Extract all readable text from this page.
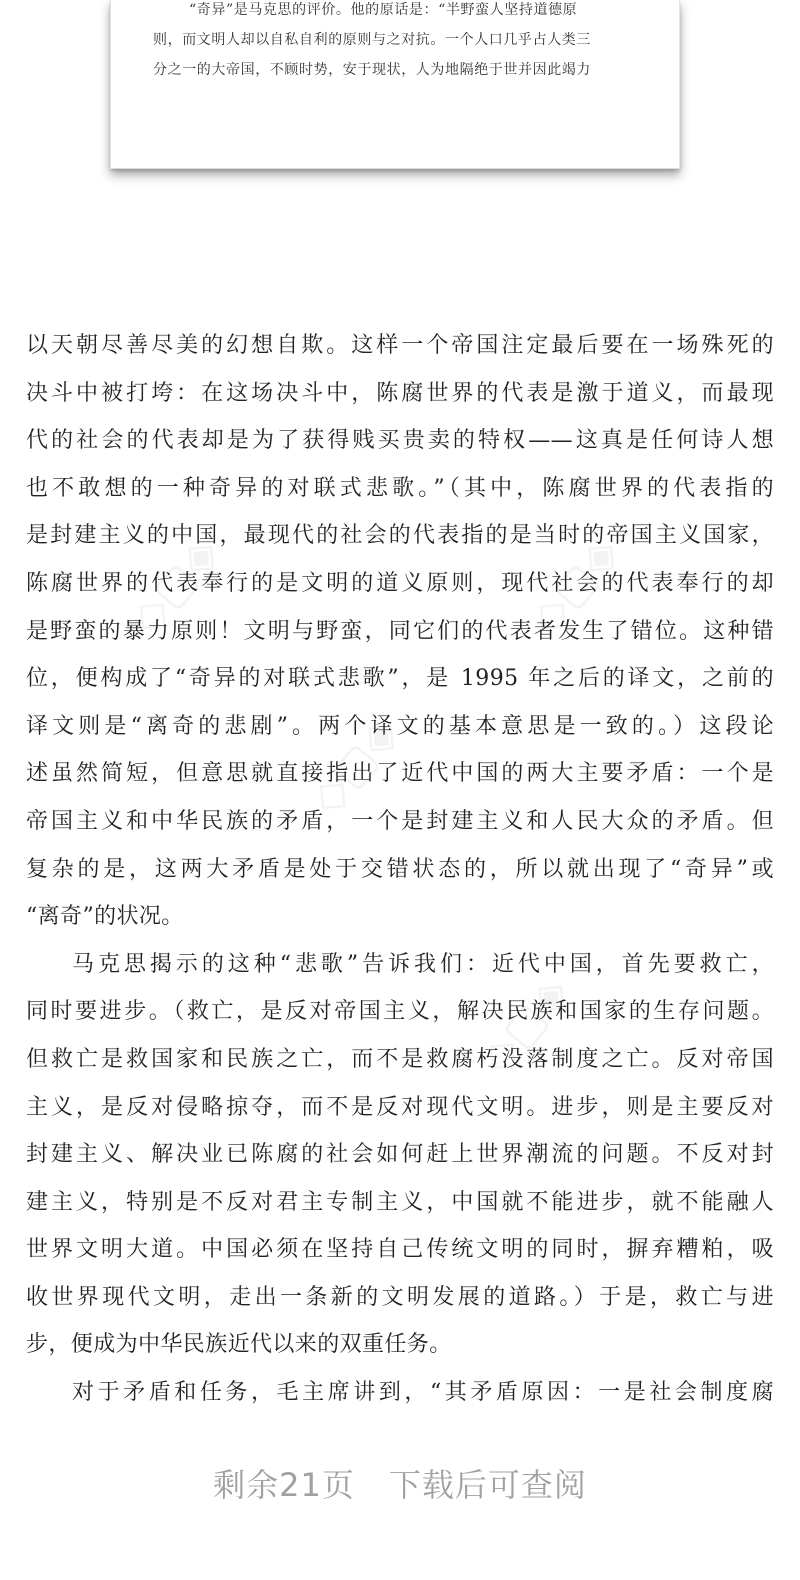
“奇异”是马克思的评价。他的原话是：“半野蛮人坚持道德原
则，而文明人却以自私自利的原则与之对抗。一个人口几乎占人类三
分之一的大帝国，不顾时势，安于现状，人为地隔绝于世并因此竭力
◇▢◈	◇▢◈
◇▢◈
◇▢◈
以天朝尽善尽美的幻想自欺。这样一个帝国注定最后要在一场殊死的
决斗中被打垮：在这场决斗中，陈腐世界的代表是激于道义，而最现
代的社会的代表却是为了获得贱买贵卖的特权——这真是任何诗人想
也不敢想的一种奇异的对联式悲歌。”（其中，陈腐世界的代表指的
是封建主义的中国，最现代的社会的代表指的是当时的帝国主义国家，
陈腐世界的代表奉行的是文明的道义原则，现代社会的代表奉行的却
是野蛮的暴力原则！文明与野蛮，同它们的代表者发生了错位。这种错
位，便构成了“奇异的对联式悲歌”，是 1995 年之后的译文，之前的
译文则是“离奇的悲剧”。两个译文的基本意思是一致的。）这段论
述虽然简短，但意思就直接指出了近代中国的两大主要矛盾：一个是
帝国主义和中华民族的矛盾，一个是封建主义和人民大众的矛盾。但
复杂的是，这两大矛盾是处于交错状态的，所以就出现了“奇异”或
“离奇”的状况。
马克思揭示的这种“悲歌”告诉我们：近代中国，首先要救亡，
同时要进步。（救亡，是反对帝国主义，解决民族和国家的生存问题。
但救亡是救国家和民族之亡，而不是救腐朽没落制度之亡。反对帝国
主义，是反对侵略掠夺，而不是反对现代文明。进步，则是主要反对
封建主义、解决业已陈腐的社会如何赶上世界潮流的问题。不反对封
建主义，特别是不反对君主专制主义，中国就不能进步，就不能融人
世界文明大道。中国必须在坚持自己传统文明的同时，摒弃糟粕，吸
收世界现代文明，走出一条新的文明发展的道路。）于是，救亡与进
步，便成为中华民族近代以来的双重任务。
对于矛盾和任务，毛主席讲到，“其矛盾原因：一是社会制度腐
剩余21页 下载后可查阅
